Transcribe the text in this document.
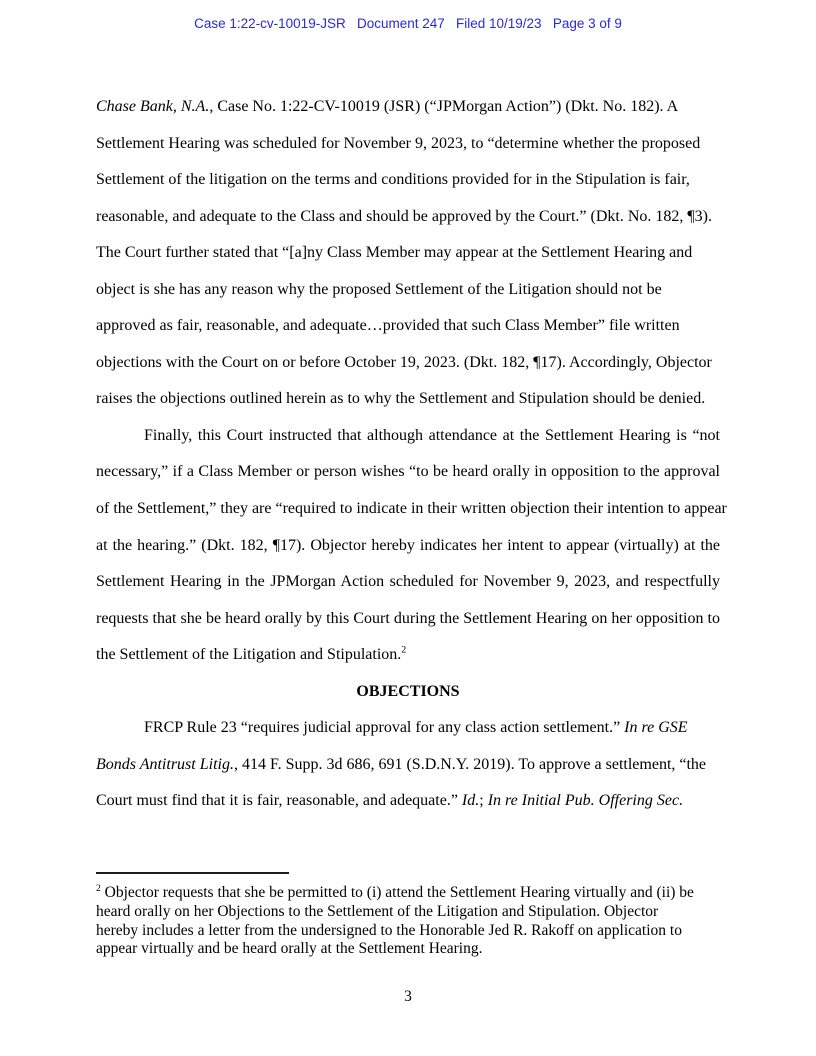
Case 1:22-cv-10019-JSR   Document 247   Filed 10/19/23   Page 3 of 9
Chase Bank, N.A., Case No. 1:22-CV-10019 (JSR) (“JPMorgan Action”) (Dkt. No. 182). A
Settlement Hearing was scheduled for November 9, 2023, to “determine whether the proposed
Settlement of the litigation on the terms and conditions provided for in the Stipulation is fair,
reasonable, and adequate to the Class and should be approved by the Court.” (Dkt. No. 182, ¶3).
The Court further stated that “[a]ny Class Member may appear at the Settlement Hearing and
object is she has any reason why the proposed Settlement of the Litigation should not be
approved as fair, reasonable, and adequate…provided that such Class Member” file written
objections with the Court on or before October 19, 2023. (Dkt. 182, ¶17). Accordingly, Objector
raises the objections outlined herein as to why the Settlement and Stipulation should be denied.
Finally, this Court instructed that although attendance at the Settlement Hearing is “not
necessary,” if a Class Member or person wishes “to be heard orally in opposition to the approval
of the Settlement,” they are “required to indicate in their written objection their intention to appear
at the hearing.” (Dkt. 182, ¶17). Objector hereby indicates her intent to appear (virtually) at the
Settlement Hearing in the JPMorgan Action scheduled for November 9, 2023, and respectfully
requests that she be heard orally by this Court during the Settlement Hearing on her opposition to
the Settlement of the Litigation and Stipulation.$^2$
OBJECTIONS
FRCP Rule 23 “requires judicial approval for any class action settlement.” In re GSE
Bonds Antitrust Litig., 414 F. Supp. 3d 686, 691 (S.D.N.Y. 2019). To approve a settlement, “the
Court must find that it is fair, reasonable, and adequate.” Id.; In re Initial Pub. Offering Sec.
$^2$ Objector requests that she be permitted to (i) attend the Settlement Hearing virtually and (ii) be
heard orally on her Objections to the Settlement of the Litigation and Stipulation. Objector
hereby includes a letter from the undersigned to the Honorable Jed R. Rakoff on application to
appear virtually and be heard orally at the Settlement Hearing.
3
